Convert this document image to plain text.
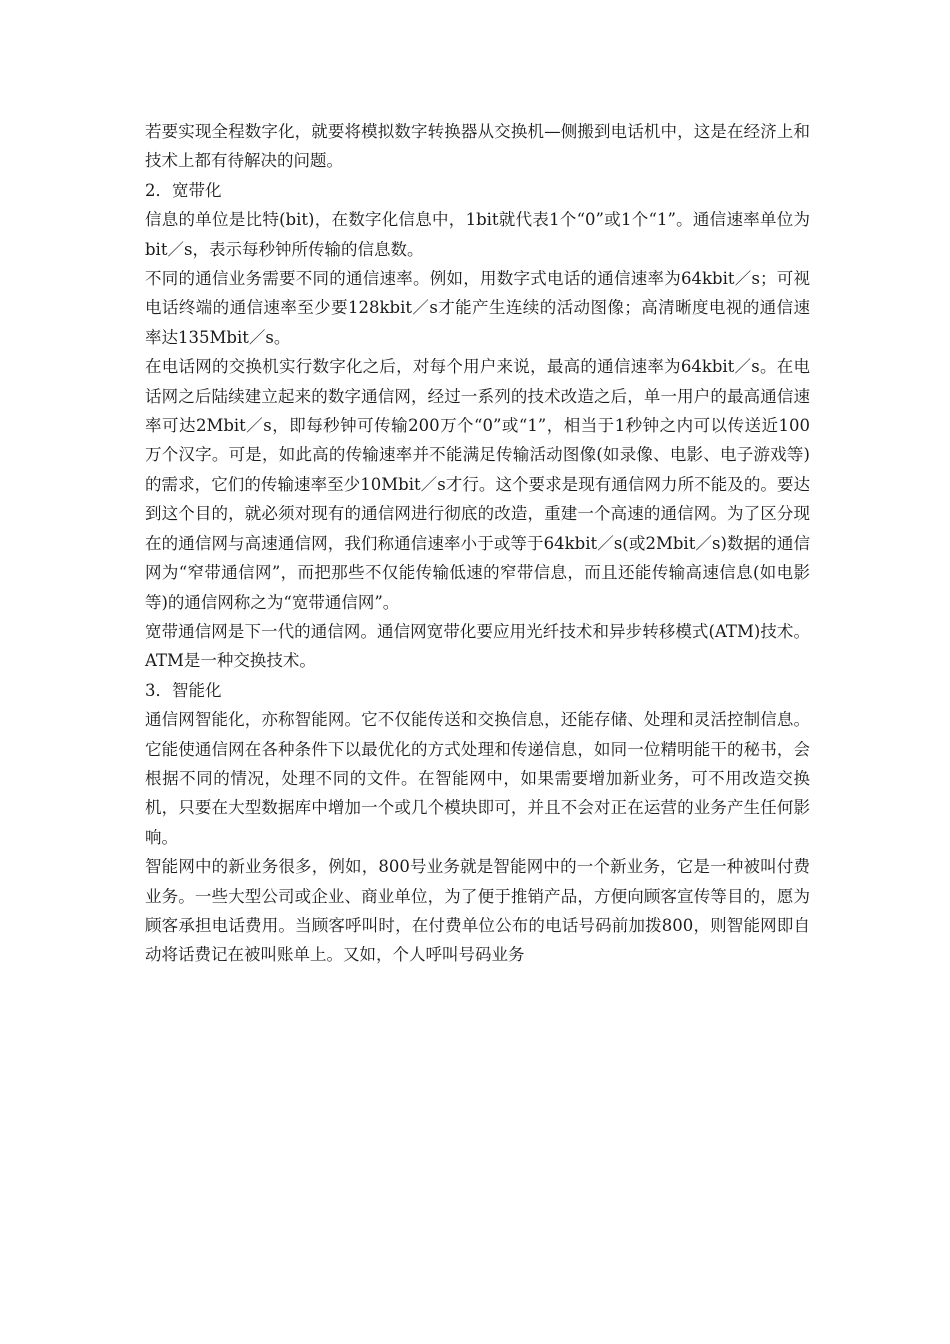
若要实现全程数字化，就要将模拟数字转换器从交换机—侧搬到电话机中，这是在经济上和技术上都有待解决的问题。

2．宽带化

信息的单位是比特(bit)，在数字化信息中，1bit就代表1个“0”或1个“1”。通信速率单位为bit／s，表示每秒钟所传输的信息数。

不同的通信业务需要不同的通信速率。例如，用数字式电话的通信速率为64kbit／s；可视电话终端的通信速率至少要128kbit／s才能产生连续的活动图像；高清晰度电视的通信速率达135Mbit／s。

在电话网的交换机实行数字化之后，对每个用户来说，最高的通信速率为64kbit／s。在电话网之后陆续建立起来的数字通信网，经过一系列的技术改造之后，单一用户的最高通信速率可达2Mbit／s，即每秒钟可传输200万个“0”或“1”，相当于1秒钟之内可以传送近100万个汉字。可是，如此高的传输速率并不能满足传输活动图像(如录像、电影、电子游戏等)的需求，它们的传输速率至少10Mbit／s才行。这个要求是现有通信网力所不能及的。要达到这个目的，就必须对现有的通信网进行彻底的改造，重建一个高速的通信网。为了区分现在的通信网与高速通信网，我们称通信速率小于或等于64kbit／s(或2Mbit／s)数据的通信网为“窄带通信网”，而把那些不仅能传输低速的窄带信息，而且还能传输高速信息(如电影等)的通信网称之为“宽带通信网”。

宽带通信网是下一代的通信网。通信网宽带化要应用光纤技术和异步转移模式(ATM)技术。ATM是一种交换技术。

3．智能化

通信网智能化，亦称智能网。它不仅能传送和交换信息，还能存储、处理和灵活控制信息。它能使通信网在各种条件下以最优化的方式处理和传递信息，如同一位精明能干的秘书，会根据不同的情况，处理不同的文件。在智能网中，如果需要增加新业务，可不用改造交换机，只要在大型数据库中增加一个或几个模块即可，并且不会对正在运营的业务产生任何影响。

智能网中的新业务很多，例如，800号业务就是智能网中的一个新业务，它是一种被叫付费业务。一些大型公司或企业、商业单位，为了便于推销产品，方便向顾客宣传等目的，愿为顾客承担电话费用。当顾客呼叫时，在付费单位公布的电话号码前加拨800，则智能网即自动将话费记在被叫账单上。又如，个人呼叫号码业务
